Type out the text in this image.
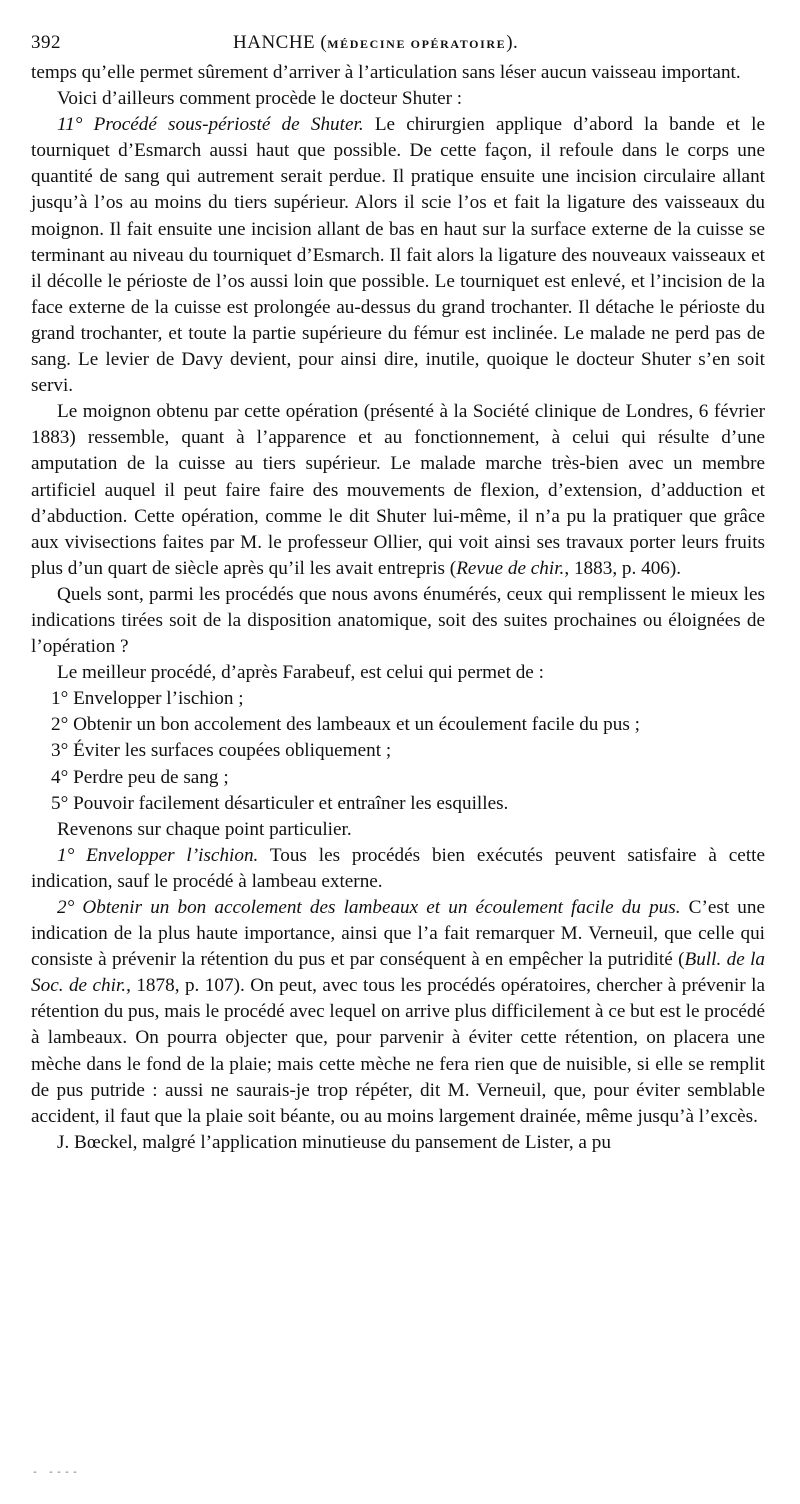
392	HANCHE (MÉDECINE OPÉRATOIRE).

temps qu’elle permet sûrement d’arriver à l’articulation sans léser aucun vaisseau important.

Voici d’ailleurs comment procède le docteur Shuter :

11° Procédé sous-périosté de Shuter. Le chirurgien applique d’abord la bande et le tourniquet d’Esmarch aussi haut que possible. De cette façon, il refoule dans le corps une quantité de sang qui autrement serait perdue. Il pratique ensuite une incision circulaire allant jusqu’à l’os au moins du tiers supérieur. Alors il scie l’os et fait la ligature des vaisseaux du moignon. Il fait ensuite une incision allant de bas en haut sur la surface externe de la cuisse se terminant au niveau du tourniquet d’Esmarch. Il fait alors la ligature des nouveaux vaisseaux et il décolle le périoste de l’os aussi loin que possible. Le tourniquet est enlevé, et l’incision de la face externe de la cuisse est prolongée au-dessus du grand trochanter. Il détache le périoste du grand trochanter, et toute la partie supérieure du fémur est inclinée. Le malade ne perd pas de sang. Le levier de Davy devient, pour ainsi dire, inutile, quoique le docteur Shuter s’en soit servi.

Le moignon obtenu par cette opération (présenté à la Société clinique de Londres, 6 février 1883) ressemble, quant à l’apparence et au fonctionnement, à celui qui résulte d’une amputation de la cuisse au tiers supérieur. Le malade marche très-bien avec un membre artificiel auquel il peut faire faire des mouvements de flexion, d’extension, d’adduction et d’abduction. Cette opération, comme le dit Shuter lui-même, il n’a pu la pratiquer que grâce aux vivisections faites par M. le professeur Ollier, qui voit ainsi ses travaux porter leurs fruits plus d’un quart de siècle après qu’il les avait entrepris (Revue de chir., 1883, p. 406).

Quels sont, parmi les procédés que nous avons énumérés, ceux qui remplissent le mieux les indications tirées soit de la disposition anatomique, soit des suites prochaines ou éloignées de l’opération ?

Le meilleur procédé, d’après Farabeuf, est celui qui permet de :

1° Envelopper l’ischion ;

2° Obtenir un bon accolement des lambeaux et un écoulement facile du pus ;

3° Éviter les surfaces coupées obliquement ;

4° Perdre peu de sang ;

5° Pouvoir facilement désarticuler et entraîner les esquilles.

Revenons sur chaque point particulier.

1° Envelopper l’ischion. Tous les procédés bien exécutés peuvent satisfaire à cette indication, sauf le procédé à lambeau externe.

2° Obtenir un bon accolement des lambeaux et un écoulement facile du pus. C’est une indication de la plus haute importance, ainsi que l’a fait remarquer M. Verneuil, que celle qui consiste à prévenir la rétention du pus et par conséquent à en empêcher la putridité (Bull. de la Soc. de chir., 1878, p. 107). On peut, avec tous les procédés opératoires, chercher à prévenir la rétention du pus, mais le procédé avec lequel on arrive plus difficilement à ce but est le procédé à lambeaux. On pourra objecter que, pour parvenir à éviter cette rétention, on placera une mèche dans le fond de la plaie; mais cette mèche ne fera rien que de nuisible, si elle se remplit de pus putride : aussi ne saurais-je trop répéter, dit M. Verneuil, que, pour éviter semblable accident, il faut que la plaie soit béante, ou au moins largement drainée, même jusqu’à l’excès.

J. Bœckel, malgré l’application minutieuse du pansement de Lister, a pu

- ----
